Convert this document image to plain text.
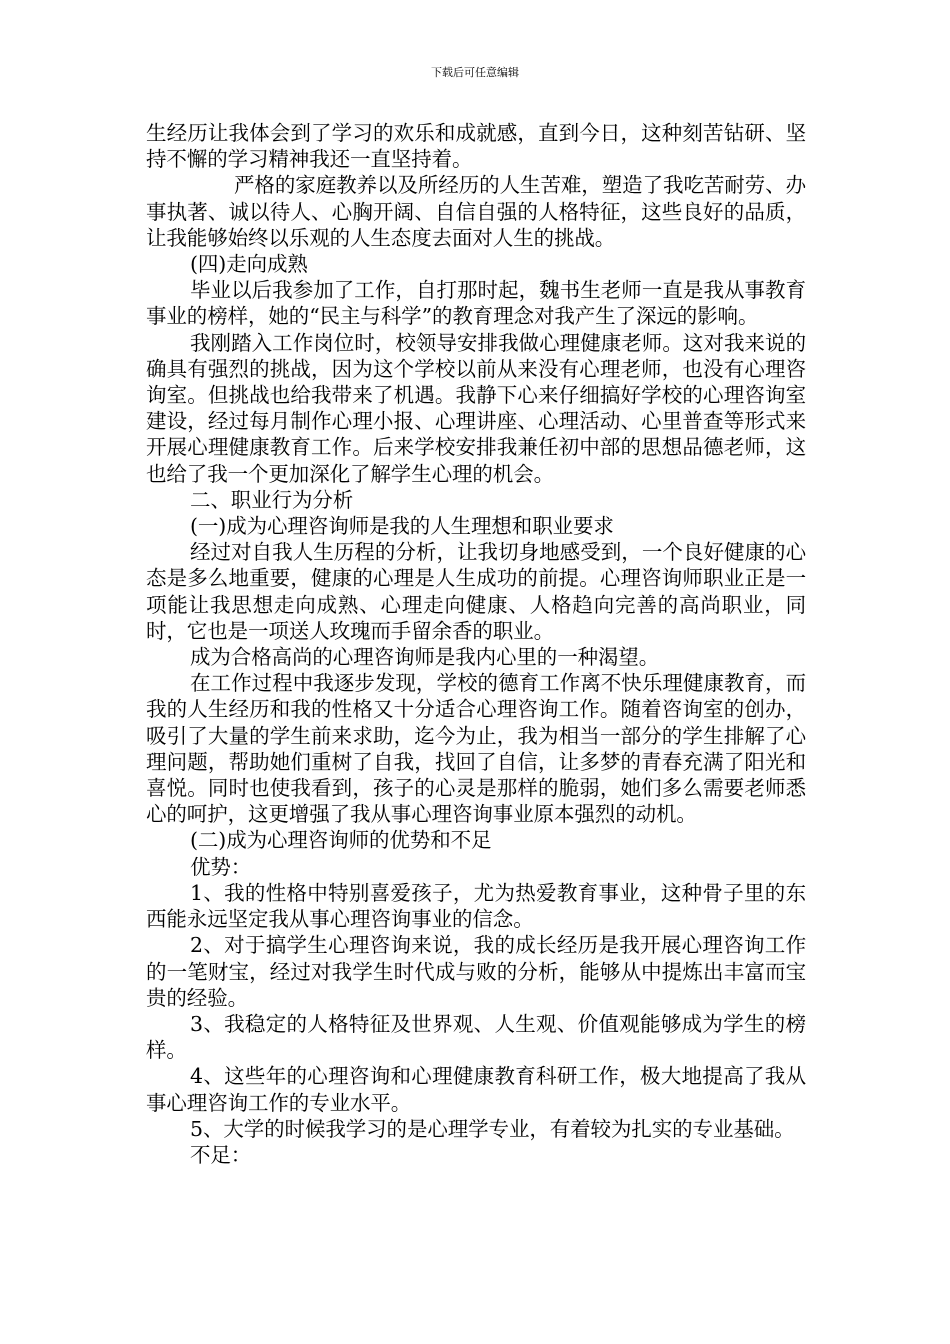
下载后可任意编辑

生经历让我体会到了学习的欢乐和成就感，直到今日，这种刻苦钻研、坚持不懈的学习精神我还一直坚持着。

严格的家庭教养以及所经历的人生苦难，塑造了我吃苦耐劳、办事执著、诚以待人、心胸开阔、自信自强的人格特征，这些良好的品质，让我能够始终以乐观的人生态度去面对人生的挑战。

(四)走向成熟

毕业以后我参加了工作，自打那时起，魏书生老师一直是我从事教育事业的榜样，她的“民主与科学”的教育理念对我产生了深远的影响。

我刚踏入工作岗位时，校领导安排我做心理健康老师。这对我来说的确具有强烈的挑战，因为这个学校以前从来没有心理老师，也没有心理咨询室。但挑战也给我带来了机遇。我静下心来仔细搞好学校的心理咨询室建设，经过每月制作心理小报、心理讲座、心理活动、心里普查等形式来开展心理健康教育工作。后来学校安排我兼任初中部的思想品德老师，这也给了我一个更加深化了解学生心理的机会。

二、职业行为分析

(一)成为心理咨询师是我的人生理想和职业要求

经过对自我人生历程的分析，让我切身地感受到，一个良好健康的心态是多么地重要，健康的心理是人生成功的前提。心理咨询师职业正是一项能让我思想走向成熟、心理走向健康、人格趋向完善的高尚职业，同时，它也是一项送人玫瑰而手留余香的职业。

成为合格高尚的心理咨询师是我内心里的一种渴望。

在工作过程中我逐步发现，学校的德育工作离不快乐理健康教育，而我的人生经历和我的性格又十分适合心理咨询工作。随着咨询室的创办，吸引了大量的学生前来求助，迄今为止，我为相当一部分的学生排解了心理问题，帮助她们重树了自我，找回了自信，让多梦的青春充满了阳光和喜悦。同时也使我看到，孩子的心灵是那样的脆弱，她们多么需要老师悉心的呵护，这更增强了我从事心理咨询事业原本强烈的动机。

(二)成为心理咨询师的优势和不足

优势：

1、我的性格中特别喜爱孩子，尤为热爱教育事业，这种骨子里的东西能永远坚定我从事心理咨询事业的信念。

2、对于搞学生心理咨询来说，我的成长经历是我开展心理咨询工作的一笔财宝，经过对我学生时代成与败的分析，能够从中提炼出丰富而宝贵的经验。

3、我稳定的人格特征及世界观、人生观、价值观能够成为学生的榜样。

4、这些年的心理咨询和心理健康教育科研工作，极大地提高了我从事心理咨询工作的专业水平。

5、大学的时候我学习的是心理学专业，有着较为扎实的专业基础。

不足：
